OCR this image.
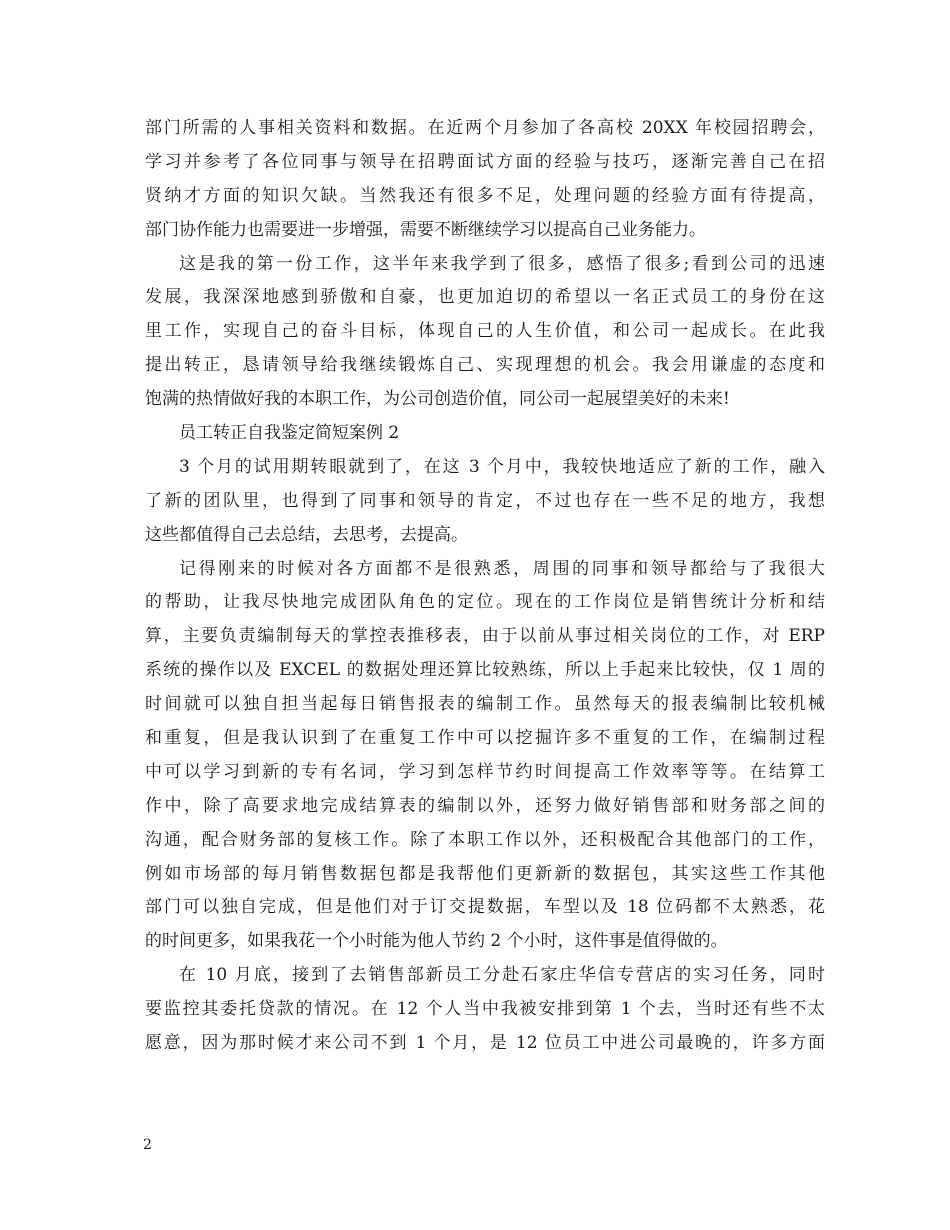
部门所需的人事相关资料和数据。在近两个月参加了各高校 20XX 年校园招聘会，
学习并参考了各位同事与领导在招聘面试方面的经验与技巧，逐渐完善自己在招
贤纳才方面的知识欠缺。当然我还有很多不足，处理问题的经验方面有待提高，
部门协作能力也需要进一步增强，需要不断继续学习以提高自己业务能力。
这是我的第一份工作，这半年来我学到了很多，感悟了很多;看到公司的迅速
发展，我深深地感到骄傲和自豪，也更加迫切的希望以一名正式员工的身份在这
里工作，实现自己的奋斗目标，体现自己的人生价值，和公司一起成长。在此我
提出转正，恳请领导给我继续锻炼自己、实现理想的机会。我会用谦虚的态度和
饱满的热情做好我的本职工作，为公司创造价值，同公司一起展望美好的未来!
员工转正自我鉴定简短案例 2
3 个月的试用期转眼就到了，在这 3 个月中，我较快地适应了新的工作，融入
了新的团队里，也得到了同事和领导的肯定，不过也存在一些不足的地方，我想
这些都值得自己去总结，去思考，去提高。
记得刚来的时候对各方面都不是很熟悉，周围的同事和领导都给与了我很大
的帮助，让我尽快地完成团队角色的定位。现在的工作岗位是销售统计分析和结
算，主要负责编制每天的掌控表推移表，由于以前从事过相关岗位的工作，对 ERP
系统的操作以及 EXCEL 的数据处理还算比较熟练，所以上手起来比较快，仅 1 周的
时间就可以独自担当起每日销售报表的编制工作。虽然每天的报表编制比较机械
和重复，但是我认识到了在重复工作中可以挖掘许多不重复的工作，在编制过程
中可以学习到新的专有名词，学习到怎样节约时间提高工作效率等等。在结算工
作中，除了高要求地完成结算表的编制以外，还努力做好销售部和财务部之间的
沟通，配合财务部的复核工作。除了本职工作以外，还积极配合其他部门的工作，
例如市场部的每月销售数据包都是我帮他们更新新的数据包，其实这些工作其他
部门可以独自完成，但是他们对于订交提数据，车型以及 18 位码都不太熟悉，花
的时间更多，如果我花一个小时能为他人节约 2 个小时，这件事是值得做的。
在 10 月底，接到了去销售部新员工分赴石家庄华信专营店的实习任务，同时
要监控其委托贷款的情况。在 12 个人当中我被安排到第 1 个去，当时还有些不太
愿意，因为那时候才来公司不到 1 个月，是 12 位员工中进公司最晚的，许多方面
2
